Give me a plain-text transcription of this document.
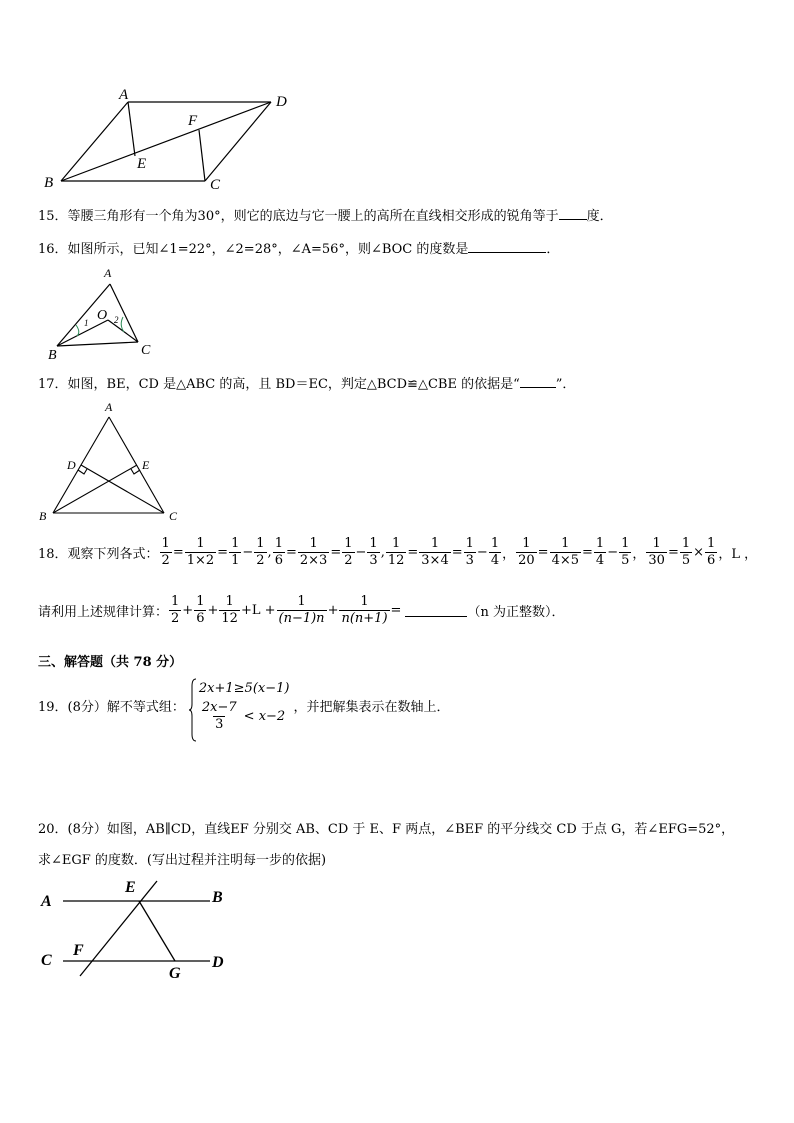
A	D
F
E
B	C
15．等腰三角形有一个角为30°，则它的底边与它一腰上的高所在直线相交形成的锐角等于 度．
16．如图所示，已知∠1=22°，∠2=28°，∠A=56°，则∠BOC 的度数是	．
A
O
1	2
B	C
17．如图，BE，CD 是△ABC 的高，且 BD＝EC，判定△BCD≌△CBE 的依据是“	”．
A
D	E
B	C
18．观察下列各式： $\frac{1}{2} = \frac{1}{1\times 2} = \frac{1}{1} - \frac{1}{2}$ , $\frac{1}{6} = \frac{1}{2\times 3} = \frac{1}{2} - \frac{1}{3}$ , $\frac{1}{12} = \frac{1}{3\times 4} = \frac{1}{3} - \frac{1}{4}$ ， $\frac{1}{20} = \frac{1}{4\times 5} = \frac{1}{4} - \frac{1}{5}$ ， $\frac{1}{30} = \frac{1}{5} \times \frac{1}{6}$ ，L ，
请利用上述规律计算： $\frac{1}{2} + \frac{1}{6} + \frac{1}{12} +L + \frac{1}{(n-1)n} + \frac{1}{n(n+1)}$ =	（n 为正整数）．
三、解答题（共 78 分）
19．(8分）解不等式组：
2x+1≥5(x−1)
$\frac{2x-7}{3} < x-2$
，并把解集表示在数轴上．
20．(8分）如图，AB∥CD，直线EF 分别交 AB、CD 于 E、F 两点，∠BEF 的平分线交 CD 于点 G，若∠EFG=52°，
求∠EGF 的度数．(写出过程并注明每一步的依据)
A
E
B
C
F
D
G
